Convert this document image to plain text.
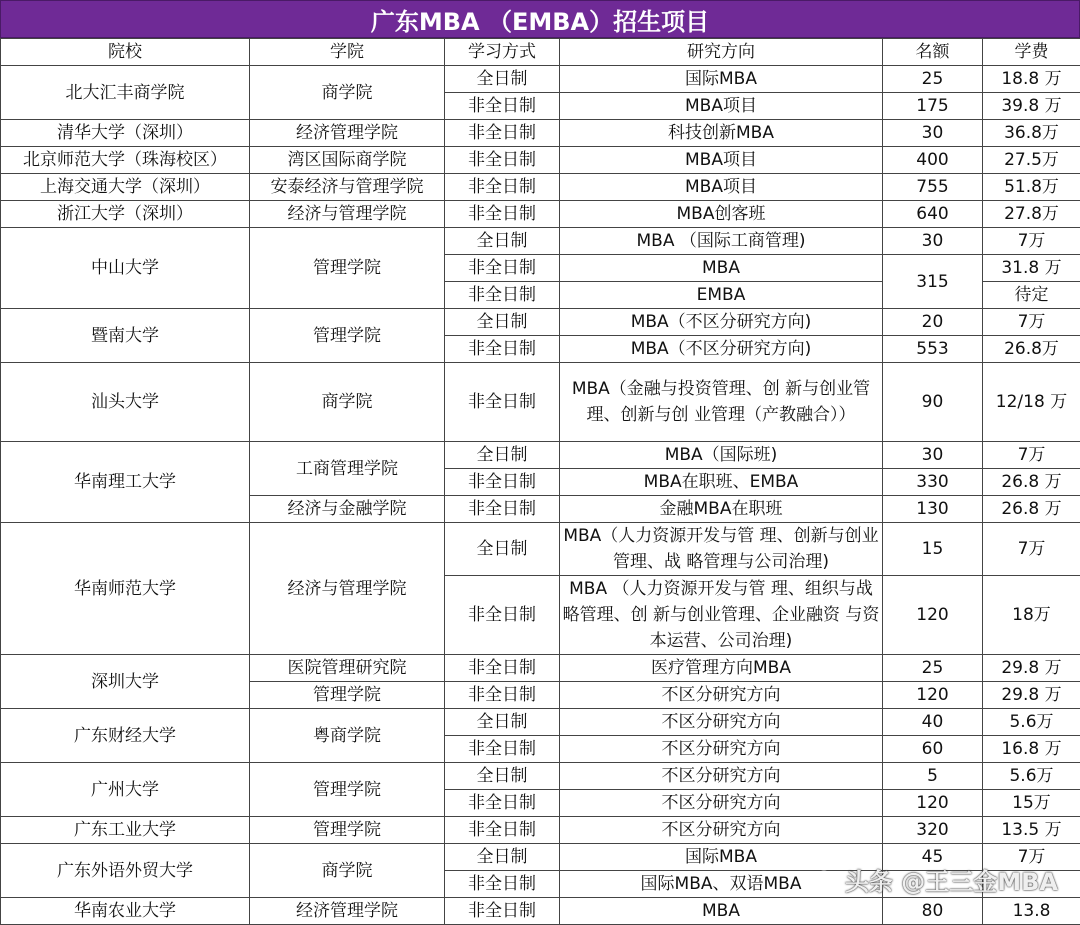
广东MBA （EMBA）招生项目
院校	学院	学习方式	研究方向	名额	学费
北大汇丰商学院	商学院	全日制	国际MBA	25	18.8 万
		非全日制	MBA项目	175	39.8 万
清华大学（深圳）	经济管理学院	非全日制	科技创新MBA	30	36.8万
北京师范大学（珠海校区）	湾区国际商学院	非全日制	MBA项目	400	27.5万
上海交通大学（深圳）	安泰经济与管理学院	非全日制	MBA项目	755	51.8万
浙江大学（深圳）	经济与管理学院	非全日制	MBA创客班	640	27.8万
中山大学	管理学院	全日制	MBA （国际工商管理)	30	7万
		非全日制	MBA	315	31.8 万
		非全日制	EMBA		待定
暨南大学	管理学院	全日制	MBA（不区分研究方向)	20	7万
		非全日制	MBA（不区分研究方向)	553	26.8万
汕头大学	商学院	非全日制	MBA（金融与投资管理、创 新与创业管理、创新与创 业管理（产教融合））	90	12/18 万
华南理工大学	工商管理学院	全日制	MBA（国际班)	30	7万
		非全日制	MBA在职班、EMBA	330	26.8 万
	经济与金融学院	非全日制	金融MBA在职班	130	26.8 万
华南师范大学	经济与管理学院	全日制	MBA（人力资源开发与管 理、创新与创业管理、战 略管理与公司治理)	15	7万
		非全日制	MBA （人力资源开发与管 理、组织与战略管理、创 新与创业管理、企业融资 与资本运营、公司治理)	120	18万
深圳大学	医院管理研究院	非全日制	医疗管理方向MBA	25	29.8 万
	管理学院	非全日制	不区分研究方向	120	29.8 万
广东财经大学	粤商学院	全日制	不区分研究方向	40	5.6万
		非全日制	不区分研究方向	60	16.8 万
广州大学	管理学院	全日制	不区分研究方向	5	5.6万
		非全日制	不区分研究方向	120	15万
广东工业大学	管理学院	非全日制	不区分研究方向	320	13.5 万
广东外语外贸大学	商学院	全日制	国际MBA	45	7万
		非全日制	国际MBA、双语MBA		
华南农业大学	经济管理学院	非全日制	MBA	80	13.8
头条 @王三金MBA
